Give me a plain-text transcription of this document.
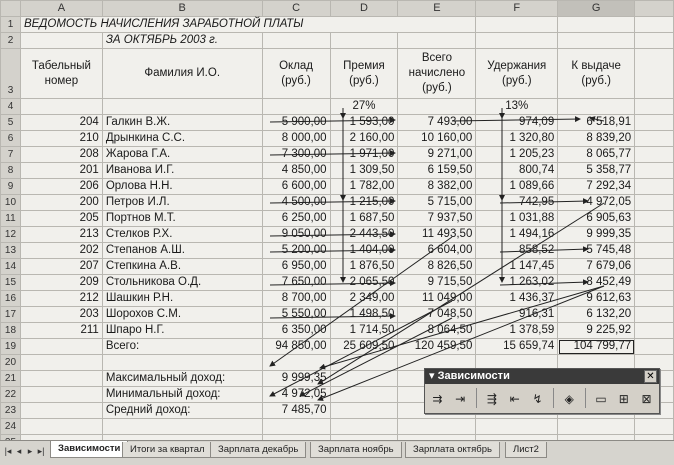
	A	B	C	D	E	F	G	
1	ВЕДОМОСТЬ НАЧИСЛЕНИЯ ЗАРАБОТНОЙ ПЛАТЫ							
2		ЗА ОКТЯБРЬ 2003 г.						
3	Табельный номер	Фамилия И.О.	Оклад (руб.)	Премия (руб.)	Всего начислено (руб.)	Удержания (руб.)	К выдаче (руб.)	
4				27%		13%		
5	204	Галкин В.Ж.	5 900,00	1 593,00	7 493,00	974,09	6 518,91	
6	210	Дрынкина С.С.	8 000,00	2 160,00	10 160,00	1 320,80	8 839,20	
7	208	Жарова Г.А.	7 300,00	1 971,00	9 271,00	1 205,23	8 065,77	
8	201	Иванова И.Г.	4 850,00	1 309,50	6 159,50	800,74	5 358,77	
9	206	Орлова Н.Н.	6 600,00	1 782,00	8 382,00	1 089,66	7 292,34	
10	200	Петров И.Л.	4 500,00	1 215,00	5 715,00	742,95	4 972,05	
11	205	Портнов М.Т.	6 250,00	1 687,50	7 937,50	1 031,88	6 905,63	
12	213	Стелков Р.Х.	9 050,00	2 443,50	11 493,50	1 494,16	9 999,35	
13	202	Степанов А.Ш.	5 200,00	1 404,00	6 604,00	858,52	5 745,48	
14	207	Степкина А.В.	6 950,00	1 876,50	8 826,50	1 147,45	7 679,06	
15	209	Стольникова О.Д.	7 650,00	2 065,50	9 715,50	1 263,02	8 452,49	
16	212	Шашкин Р.Н.	8 700,00	2 349,00	11 049,00	1 436,37	9 612,63	
17	203	Шорохов С.М.	5 550,00	1 498,50	7 048,50	916,31	6 132,20	
18	211	Шпаро Н.Г.	6 350,00	1 714,50	8 064,50	1 378,59	9 225,92	
19		Всего:	94 850,00	25 609,50	120 459,50	15 659,74	104 799,77	
20								
21		Максимальный доход:	9 999,35					
22		Минимальный доход:	4 972,05					
23		Средний доход:	7 485,70					
24								

▾ Зависимости	✕
⇉	⇥	⇶	⇤	↯	◈	▭	⊞	⊠
|◂ ◂ ▸ ▸|	Зависимости	Итоги за квартал	Зарплата декабрь	Зарплата ноябрь	Зарплата октябрь	Лист2
